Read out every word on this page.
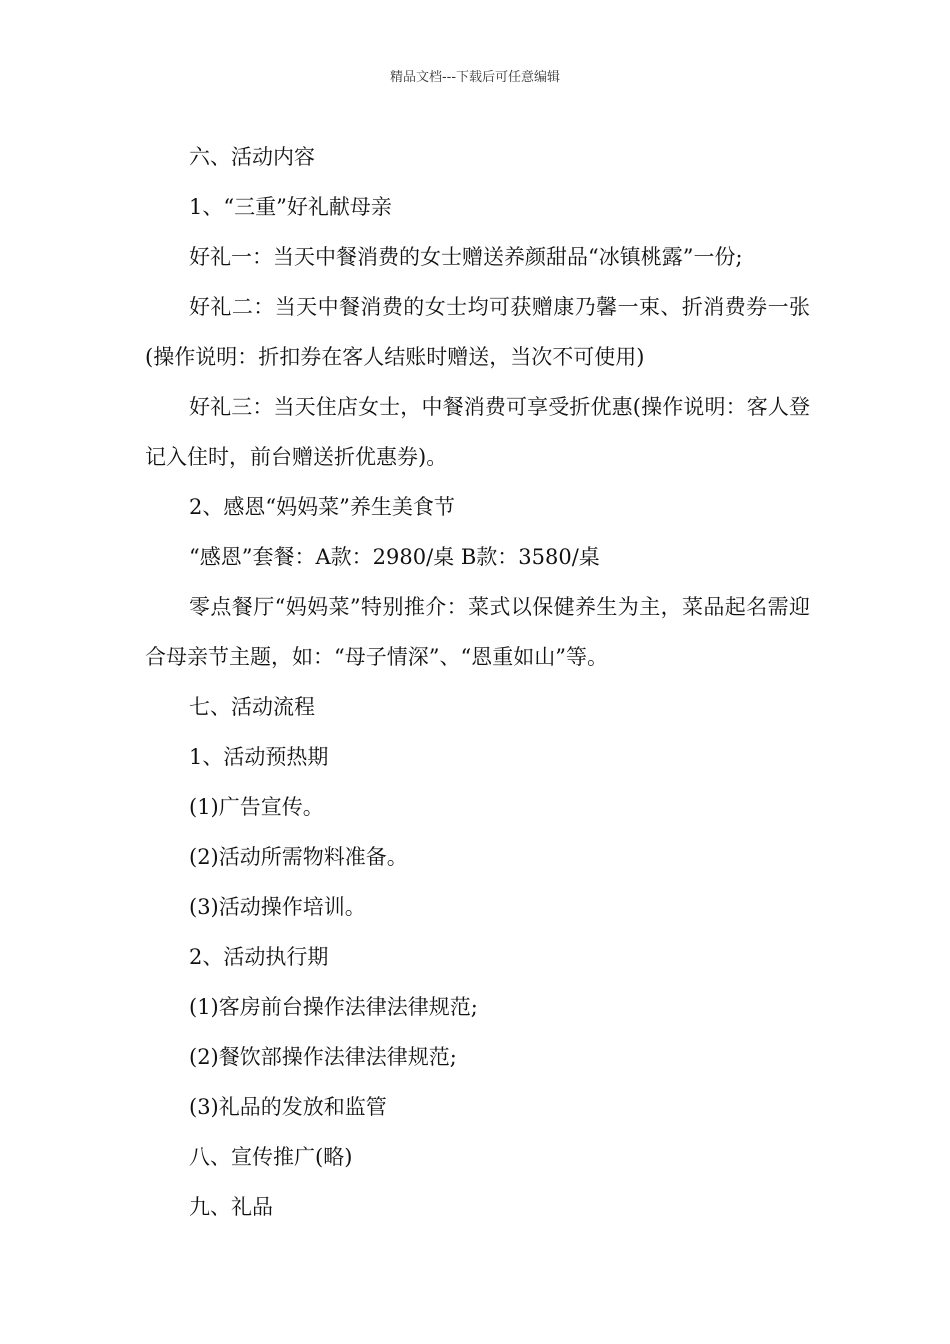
精品文档---下载后可任意编辑

六、活动内容

1、“三重”好礼献母亲

好礼一：当天中餐消费的女士赠送养颜甜品“冰镇桃露”一份;

好礼二：当天中餐消费的女士均可获赠康乃馨一束、折消费券一张(操作说明：折扣券在客人结账时赠送，当次不可使用)

好礼三：当天住店女士，中餐消费可享受折优惠(操作说明：客人登记入住时，前台赠送折优惠券)。

2、感恩“妈妈菜”养生美食节

“感恩”套餐：A款：2980/桌 B款：3580/桌

零点餐厅“妈妈菜”特别推介：菜式以保健养生为主，菜品起名需迎合母亲节主题，如：“母子情深”、“恩重如山”等。

七、活动流程

1、活动预热期

(1)广告宣传。

(2)活动所需物料准备。

(3)活动操作培训。

2、活动执行期

(1)客房前台操作法律法律规范;

(2)餐饮部操作法律法律规范;

(3)礼品的发放和监管

八、宣传推广(略)

九、礼品
